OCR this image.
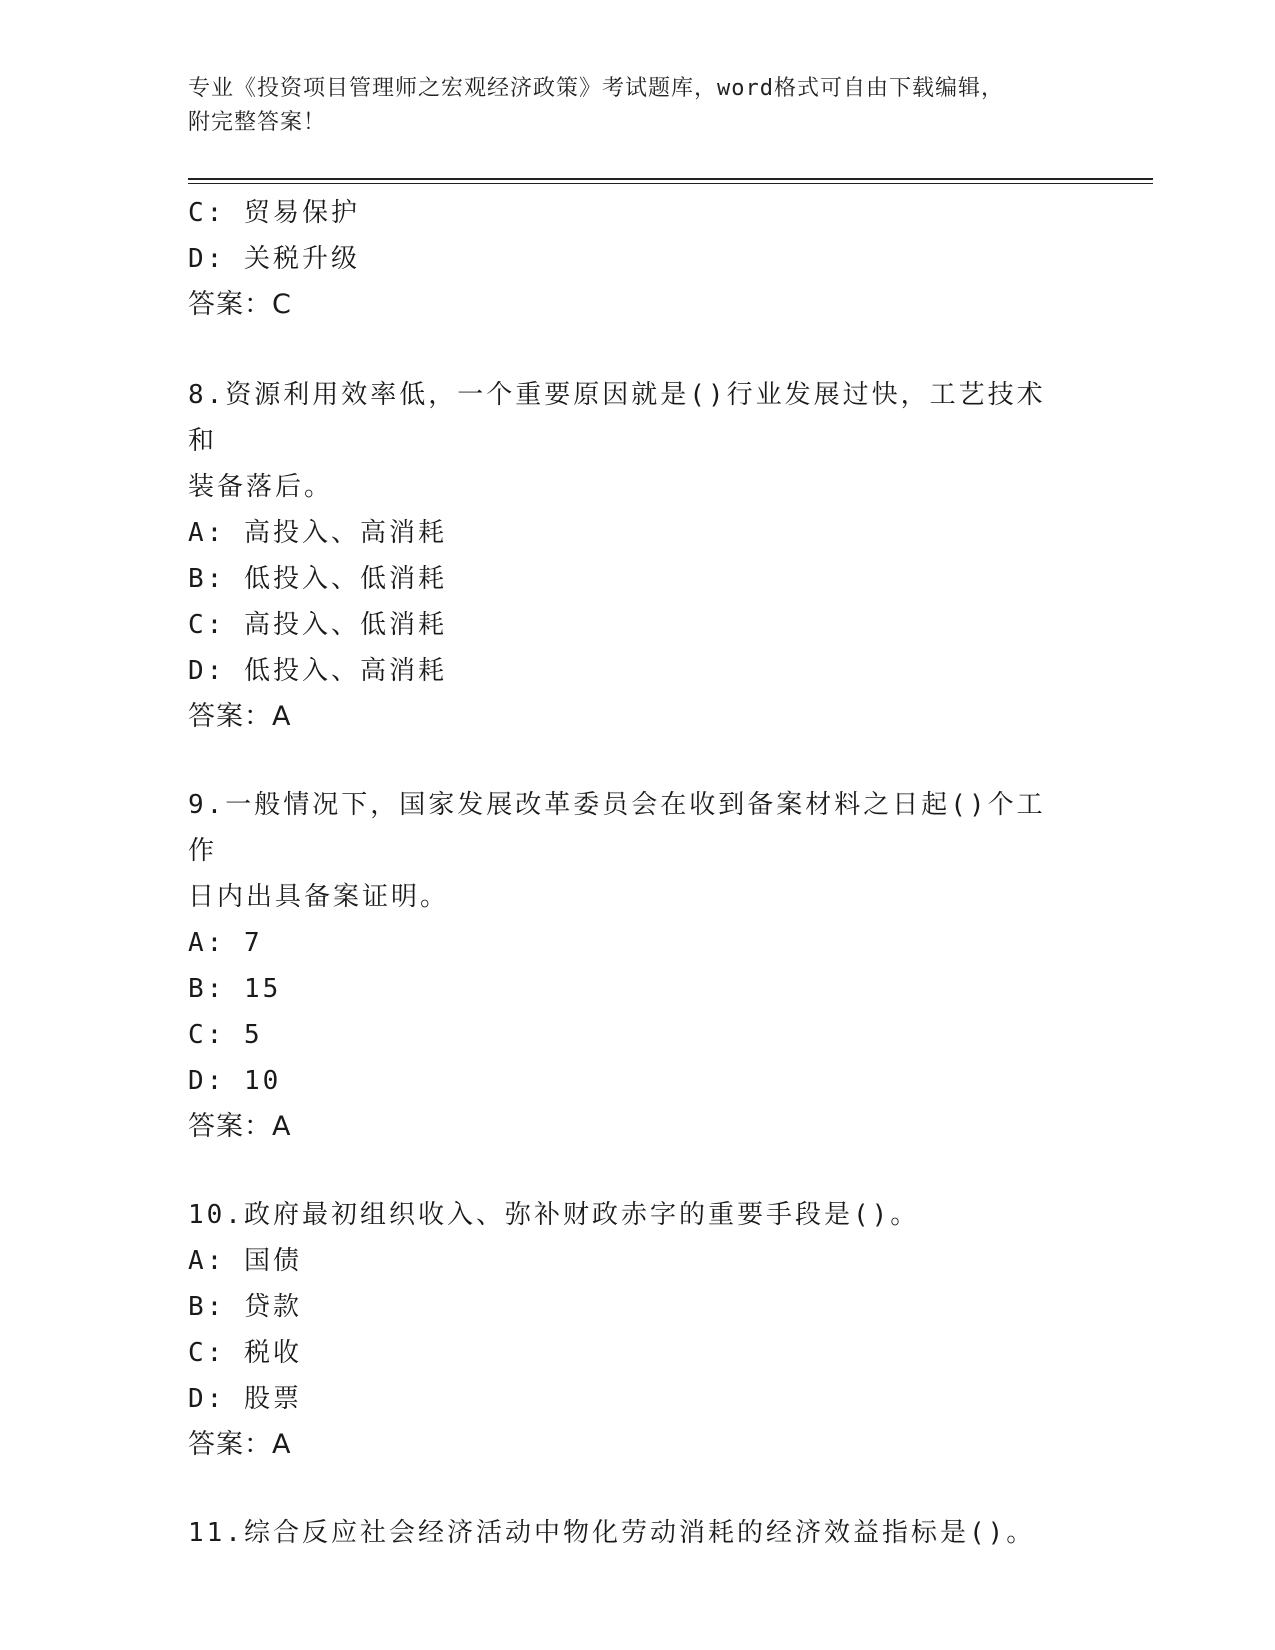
专业《投资项目管理师之宏观经济政策》考试题库，word格式可自由下载编辑，
附完整答案！
C: 贸易保护
D: 关税升级
答案：C
8.资源利用效率低，一个重要原因就是()行业发展过快，工艺技术和
装备落后。
A: 高投入、高消耗
B: 低投入、低消耗
C: 高投入、低消耗
D: 低投入、高消耗
答案：A
9.一般情况下，国家发展改革委员会在收到备案材料之日起()个工作
日内出具备案证明。
A: 7
B: 15
C: 5
D: 10
答案：A
10.政府最初组织收入、弥补财政赤字的重要手段是()。
A: 国债
B: 贷款
C: 税收
D: 股票
答案：A
11.综合反应社会经济活动中物化劳动消耗的经济效益指标是()。
